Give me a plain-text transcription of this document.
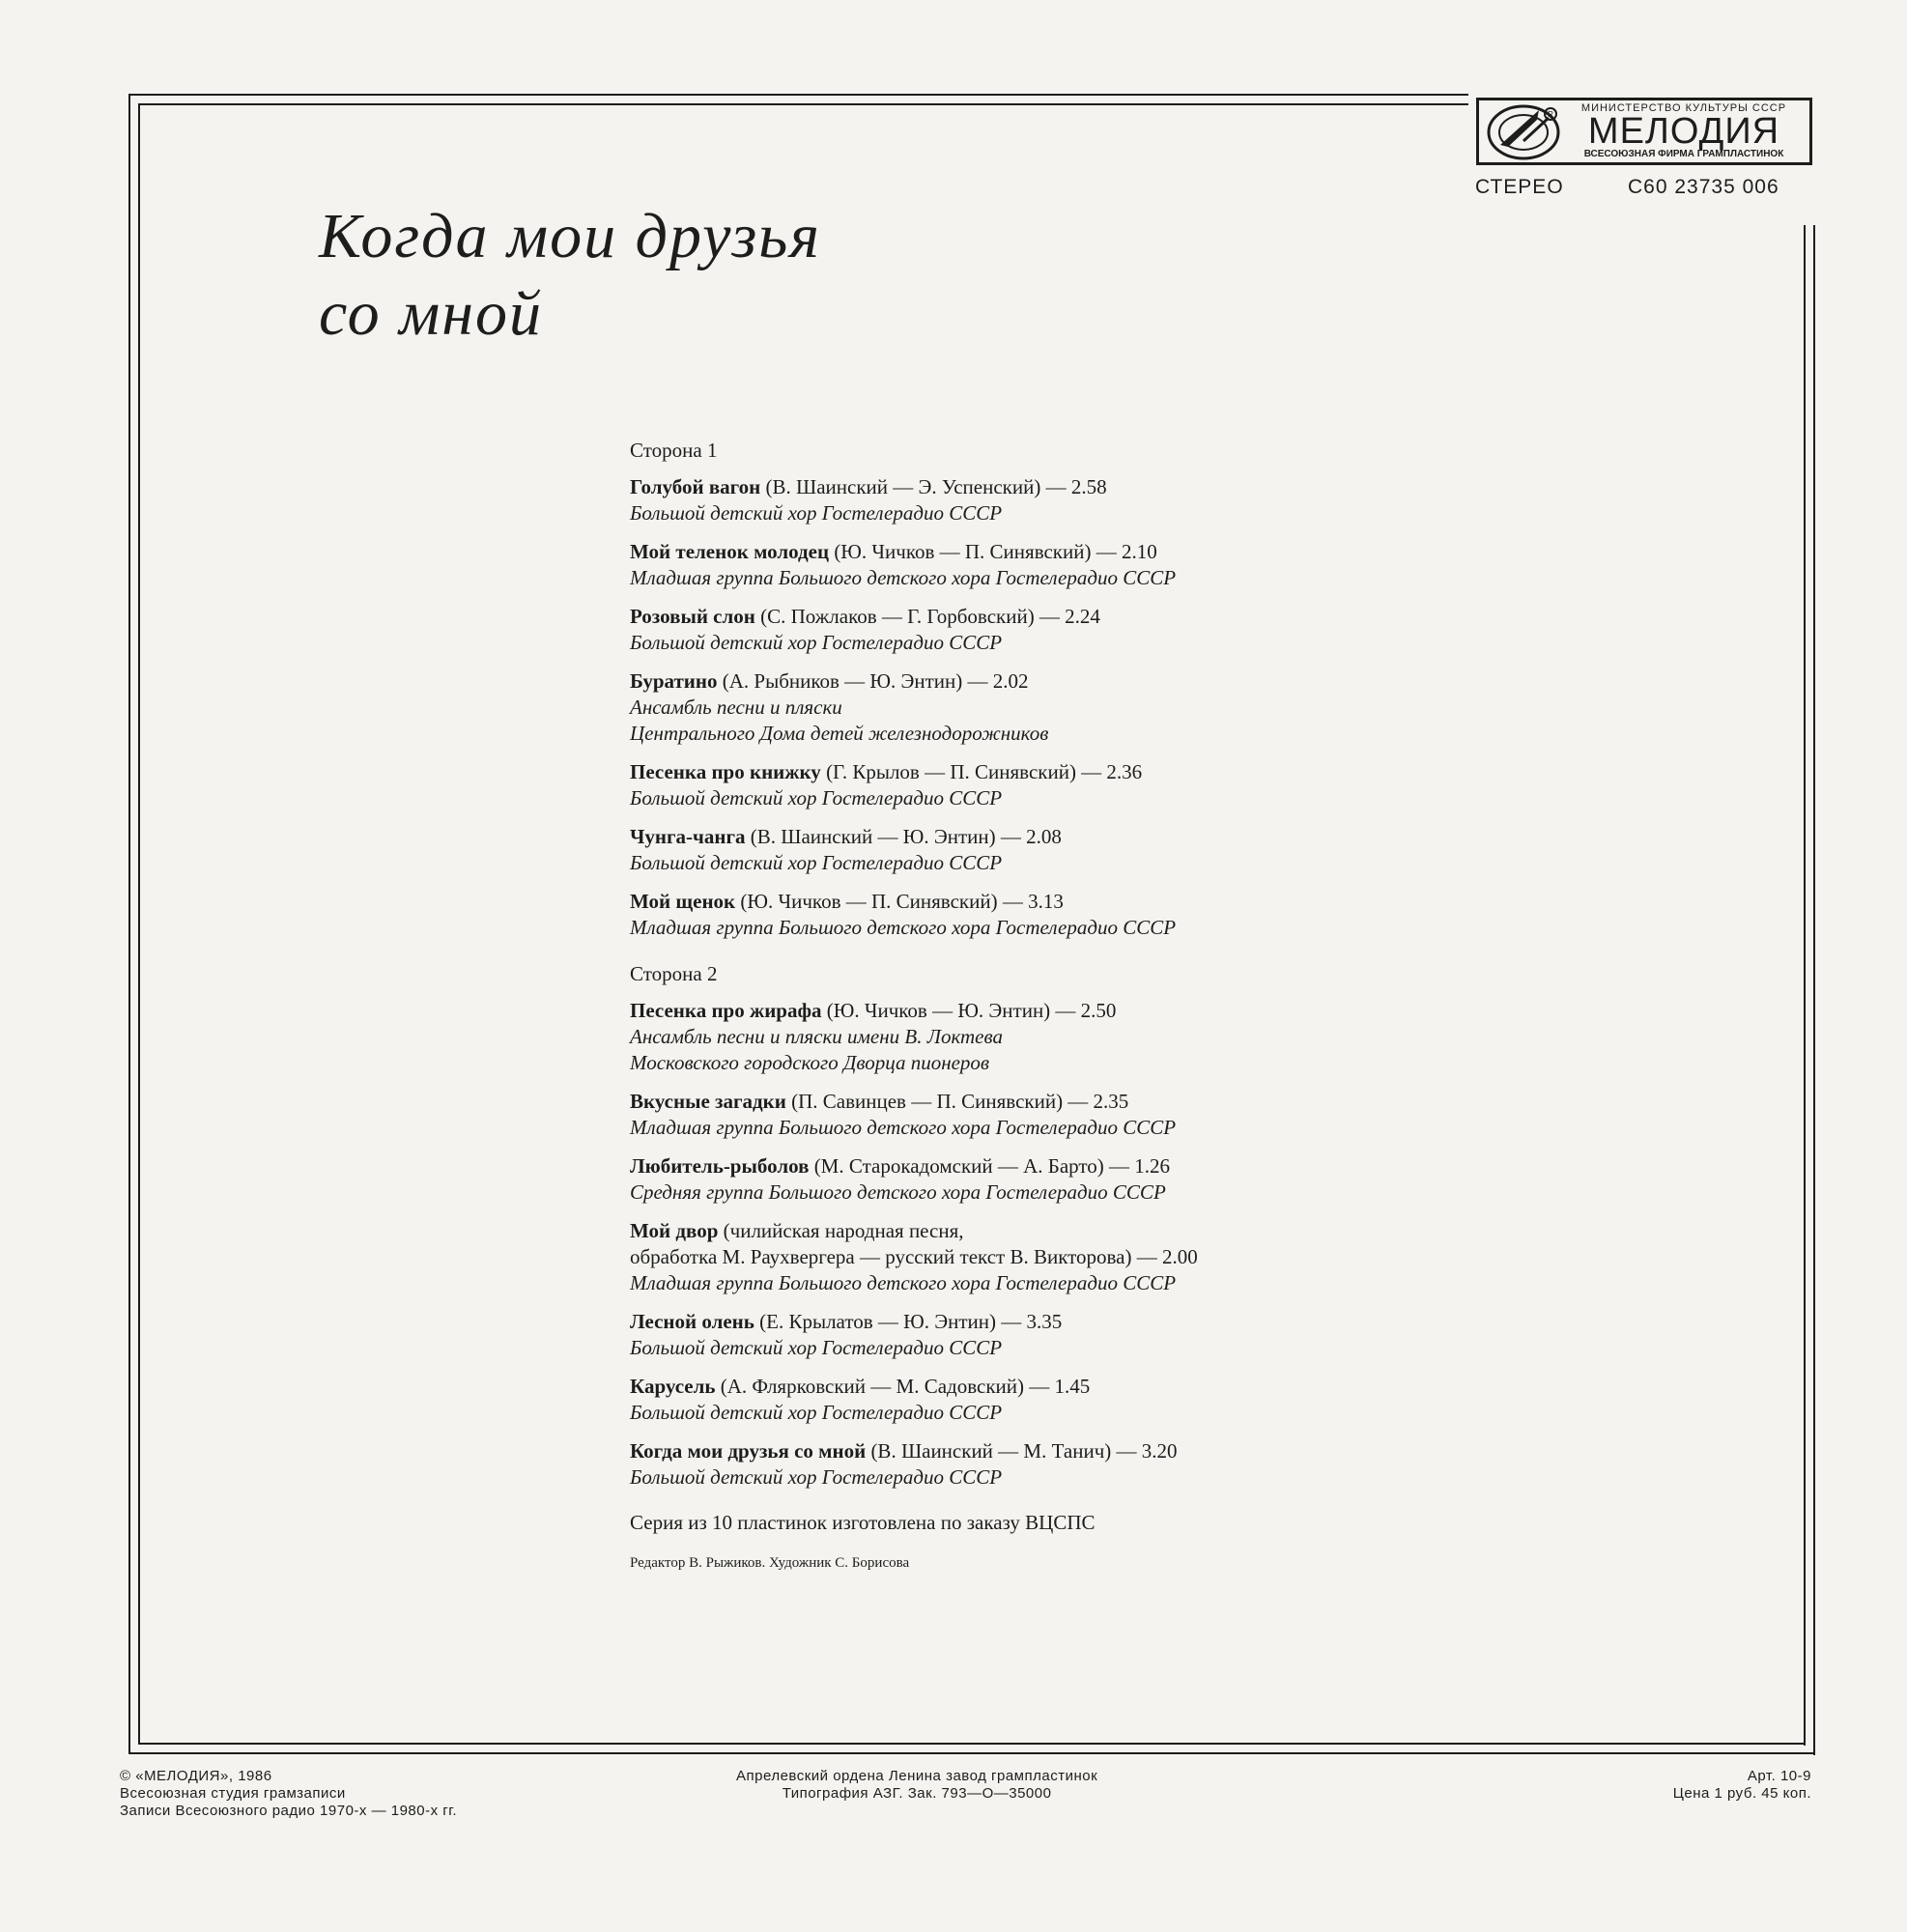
R
МИНИСТЕРСТВО КУЛЬТУРЫ СССР
МЕЛОДИЯ
ВСЕСОЮЗНАЯ ФИРМА ГРАМПЛАСТИНОК
СТЕРЕО	С60 23735 006
Когда мои друзья
со мной
Сторона 1
Голубой вагон (В. Шаинский — Э. Успенский) — 2.58
Большой детский хор Гостелерадио СССР
Мой теленок молодец (Ю. Чичков — П. Синявский) — 2.10
Младшая группа Большого детского хора Гостелерадио СССР
Розовый слон (С. Пожлаков — Г. Горбовский) — 2.24
Большой детский хор Гостелерадио СССР
Буратино (А. Рыбников — Ю. Энтин) — 2.02
Ансамбль песни и пляски
Центрального Дома детей железнодорожников
Песенка про книжку (Г. Крылов — П. Синявский) — 2.36
Большой детский хор Гостелерадио СССР
Чунга-чанга (В. Шаинский — Ю. Энтин) — 2.08
Большой детский хор Гостелерадио СССР
Мой щенок (Ю. Чичков — П. Синявский) — 3.13
Младшая группа Большого детского хора Гостелерадио СССР
Сторона 2
Песенка про жирафа (Ю. Чичков — Ю. Энтин) — 2.50
Ансамбль песни и пляски имени В. Локтева
Московского городского Дворца пионеров
Вкусные загадки (П. Савинцев — П. Синявский) — 2.35
Младшая группа Большого детского хора Гостелерадио СССР
Любитель-рыболов (М. Старокадомский — А. Барто) — 1.26
Средняя группа Большого детского хора Гостелерадио СССР
Мой двор (чилийская народная песня,
обработка М. Раухвергера — русский текст В. Викторова) — 2.00
Младшая группа Большого детского хора Гостелерадио СССР
Лесной олень (Е. Крылатов — Ю. Энтин) — 3.35
Большой детский хор Гостелерадио СССР
Карусель (А. Флярковский — М. Садовский) — 1.45
Большой детский хор Гостелерадио СССР
Когда мои друзья со мной (В. Шаинский — М. Танич) — 3.20
Большой детский хор Гостелерадио СССР
Серия из 10 пластинок изготовлена по заказу ВЦСПС
Редактор В. Рыжиков. Художник С. Борисова
© «МЕЛОДИЯ», 1986
Всесоюзная студия грамзаписи
Записи Всесоюзного радио 1970-х — 1980-х гг.
Апрелевский ордена Ленина завод грампластинок
Типография АЗГ. Зак. 793—О—35000
Арт. 10-9
Цена 1 руб. 45 коп.
